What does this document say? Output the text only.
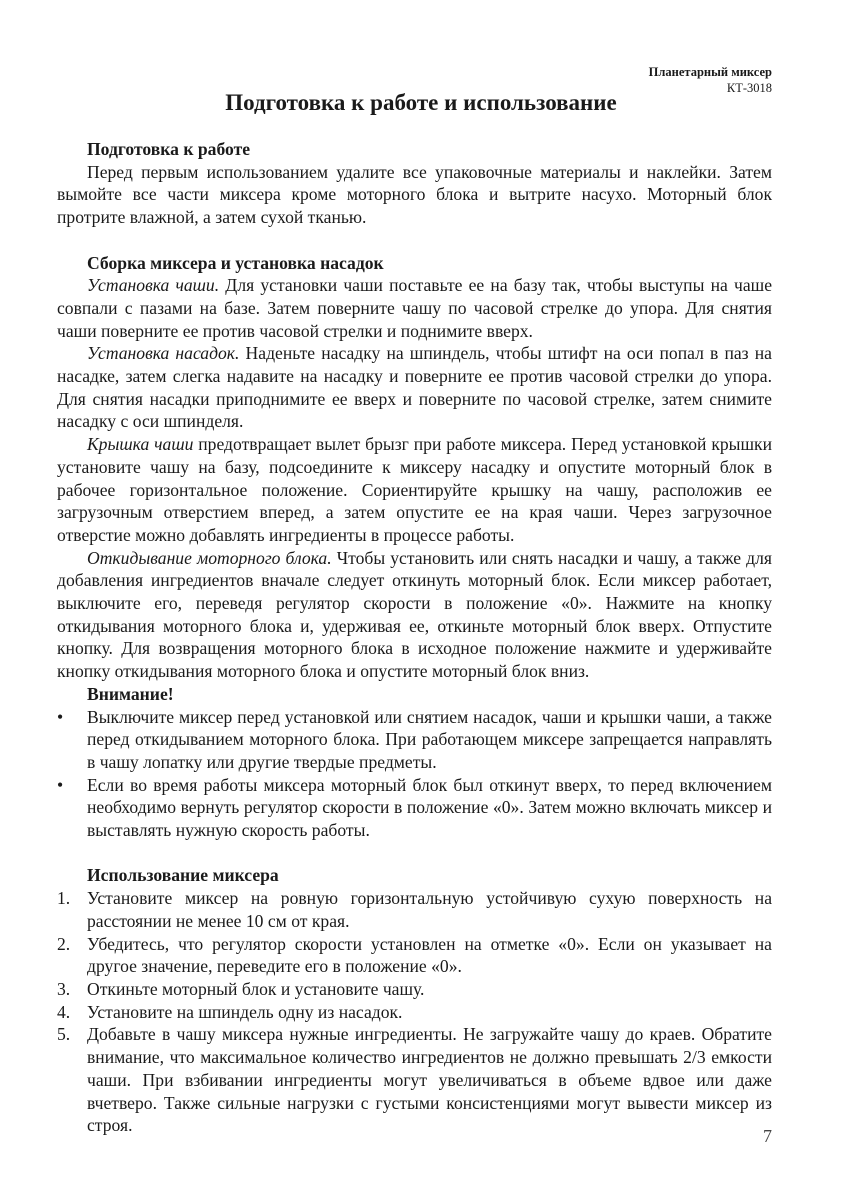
Планетарный миксер
КТ-3018
Подготовка к работе и использование
Подготовка к работе

Перед первым использованием удалите все упаковочные материалы и наклейки. Затем вымойте все части миксера кроме моторного блока и вытрите насухо. Моторный блок протрите влажной, а затем сухой тканью.

Сборка миксера и установка насадок

Установка чаши. Для установки чаши поставьте ее на базу так, чтобы выступы на чаше совпали с пазами на базе. Затем поверните чашу по часовой стрелке до упора. Для снятия чаши поверните ее против часовой стрелки и поднимите вверх.

Установка насадок. Наденьте насадку на шпиндель, чтобы штифт на оси попал в паз на насадке, затем слегка надавите на насадку и поверните ее против часовой стрелки до упора. Для снятия насадки приподнимите ее вверх и поверните по часовой стрелке, затем снимите насадку с оси шпинделя.

Крышка чаши предотвращает вылет брызг при работе миксера. Перед установкой крышки установите чашу на базу, подсоедините к миксеру насадку и опустите моторный блок в рабочее горизонтальное положение. Сориентируйте крышку на чашу, расположив ее загрузочным отверстием вперед, а затем опустите ее на края чаши. Через загрузочное отверстие можно добавлять ингредиенты в процессе работы.

Откидывание моторного блока. Чтобы установить или снять насадки и чашу, а также для добавления ингредиентов вначале следует откинуть моторный блок. Если миксер работает, выключите его, переведя регулятор скорости в положение «0». Нажмите на кнопку откидывания моторного блока и, удерживая ее, откиньте моторный блок вверх. Отпустите кнопку. Для возвращения моторного блока в исходное положение нажмите и удерживайте кнопку откидывания моторного блока и опустите моторный блок вниз.

Внимание!
•	Выключите миксер перед установкой или снятием насадок, чаши и крышки чаши, а также перед откидыванием моторного блока. При работающем миксере запрещается направлять в чашу лопатку или другие твердые предметы.
•	Если во время работы миксера моторный блок был откинут вверх, то перед включением необходимо вернуть регулятор скорости в положение «0». Затем можно включать миксер и выставлять нужную скорость работы.
Использование миксера
1. Установите миксер на ровную горизонтальную устойчивую сухую поверхность на расстоянии не менее 10 см от края.
2. Убедитесь, что регулятор скорости установлен на отметке «0». Если он указывает на другое значение, переведите его в положение «0».
3. Откиньте моторный блок и установите чашу.
4. Установите на шпиндель одну из насадок.
5. Добавьте в чашу миксера нужные ингредиенты. Не загружайте чашу до краев. Обратите внимание, что максимальное количество ингредиентов не должно превышать 2/3 емкости чаши. При взбивании ингредиенты могут увеличиваться в объеме вдвое или даже вчетверо. Также сильные нагрузки с густыми консистенциями могут вывести миксер из строя.
7
